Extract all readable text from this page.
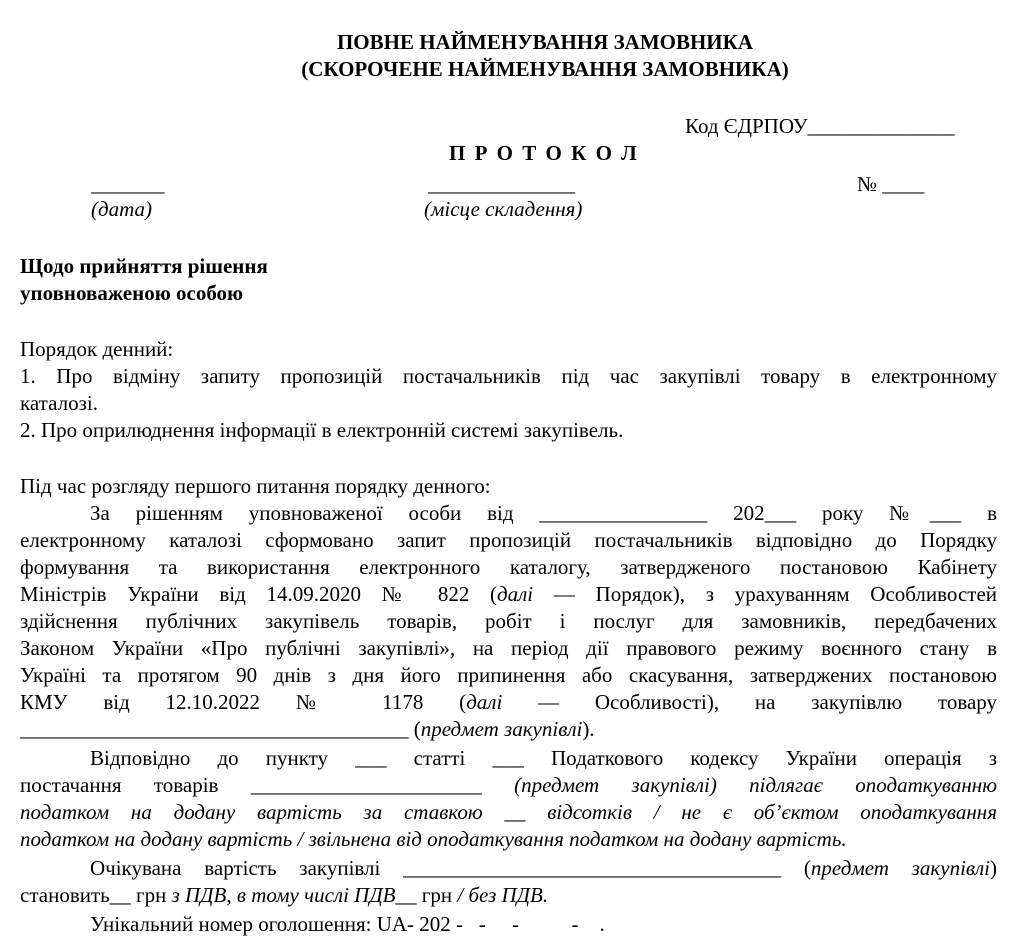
ПОВНЕ НАЙМЕНУВАННЯ ЗАМОВНИКА
(СКОРОЧЕНЕ НАЙМЕНУВАННЯ ЗАМОВНИКА)
Код ЄДРПОУ______________
П Р О Т О К О Л
_______
(дата)
______________
(місце складення)
№ ____
Щодо прийняття рішення
уповноваженою особою
Порядок денний:
1. Про відміну запиту пропозицій постачальників під час закупівлі товару в електронному
каталозі.
2. Про оприлюднення інформації в електронній системі закупівель.
Під час розгляду першого питання порядку денного:
За рішенням уповноваженої особи від ________________ 202___ року №___ в
електронному каталозі сформовано запит пропозицій постачальників відповідно до Порядку
формування та використання електронного каталогу, затвердженого постановою Кабінету
Міністрів України від 14.09.2020 № 822 (далі — Порядок), з урахуванням Особливостей
здійснення публічних закупівель товарів, робіт і послуг для замовників, передбачених
Законом України «Про публічні закупівлі», на період дії правового режиму воєнного стану в
Україні та протягом 90 днів з дня його припинення або скасування, затверджених постановою
КМУ від 12.10.2022 № 1178 (далі — Особливості), на закупівлю товару
_____________________________________ (предмет закупівлі).
Відповідно до пункту ___ статті ___ Податкового кодексу України операція з
постачання товарів ______________________ (предмет закупівлі) підлягає оподаткуванню
податком на додану вартість за ставкою __ відсотків / не є об’єктом оподаткування
податком на додану вартість / звільнена від оподаткування податком на додану вартість.
Очікувана вартість закупівлі ____________________________________ (предмет закупівлі)
становить__ грн з ПДВ, в тому числі ПДВ__ грн / без ПДВ.
Унікальний номер оголошення: UA- 202 -   -     -          -    .
